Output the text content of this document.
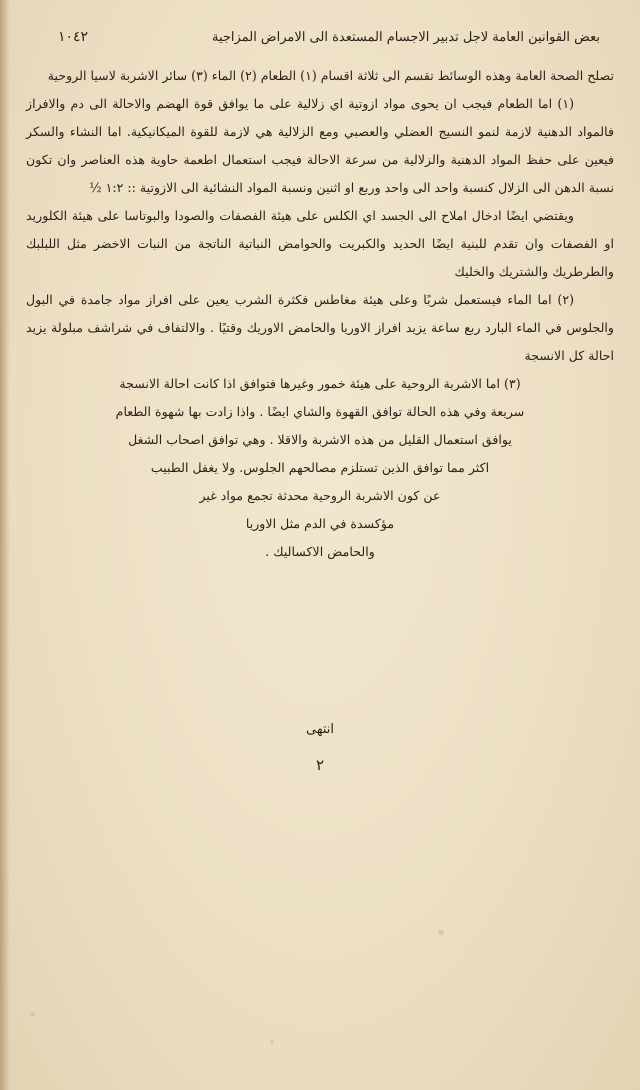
بعض القوانين العامة لاجل تدبير الاجسام المستعدة الى الامراض المزاجية
١٠٤٢

تصلح الصحة العامة وهذه الوسائط تقسم الى ثلاثة اقسام (١) الطعام (٢) الماء (٣) سائر الاشربة لاسيا الروحية

(١) اما الطعام فيجب ان يحوى مواد ازوتية اي زلالية على ما يوافق قوة الهضم والاحالة الى دم والافراز فالمواد الدهنية لازمة لنمو النسيج العضلي والعصبي ومع الزلالية هي لازمة للقوة الميكانيكية. اما النشاء والسكر فيعين على حفظ المواد الدهنية والزلالية من سرعة الاحالة فيجب استعمال اطعمة حاوية هذه العناصر وان تكون نسبة الدهن الى الزلال كنسبة واحد الى واحد وربع او اثنين ونسبة المواد النشائية الى الازوتية :: ١:٢ ½

ويقتضي ايضًا ادخال املاح الى الجسد اي الكلس على هيئة الفصفات والصودا والبوتاسا على هيئة الكلوريد او الفصفات وان تقدم للبنية ايضًا الحديد والكبريت والحوامض النباتية الناتجة من النبات الاخضر مثل اللبلبك والطرطريك والشتريك والخليك

(٢) اما الماء فيستعمل شربًا وعلى هيئة مغاطس فكثرة الشرب يعين على افراز مواد جامدة في البول والجلوس في الماء البارد ربع ساعة يزيد افراز الاوريا والحامض الاوريك وقتيًا . والالتفاف في شراشف مبلولة يزيد احالة كل الانسجة

(٣) اما الاشربة الروحية على هيئة خمور وغيرها فتوافق اذا كانت احالة الانسجة
سريعة وفي هذه الحالة توافق القهوة والشاي ايضًا . واذا زادت بها شهوة الطعام
يوافق استعمال القليل من هذه الاشربة والاقلا . وهي توافق اصحاب الشغل
اكثر مما توافق الذين تستلزم مصالحهم الجلوس. ولا يغفل الطبيب
عن كون الاشربة الروحية محدثة تجمع مواد غير
مؤكسدة في الدم مثل الاوريا
والحامض الاكساليك .
انتهى
٢
